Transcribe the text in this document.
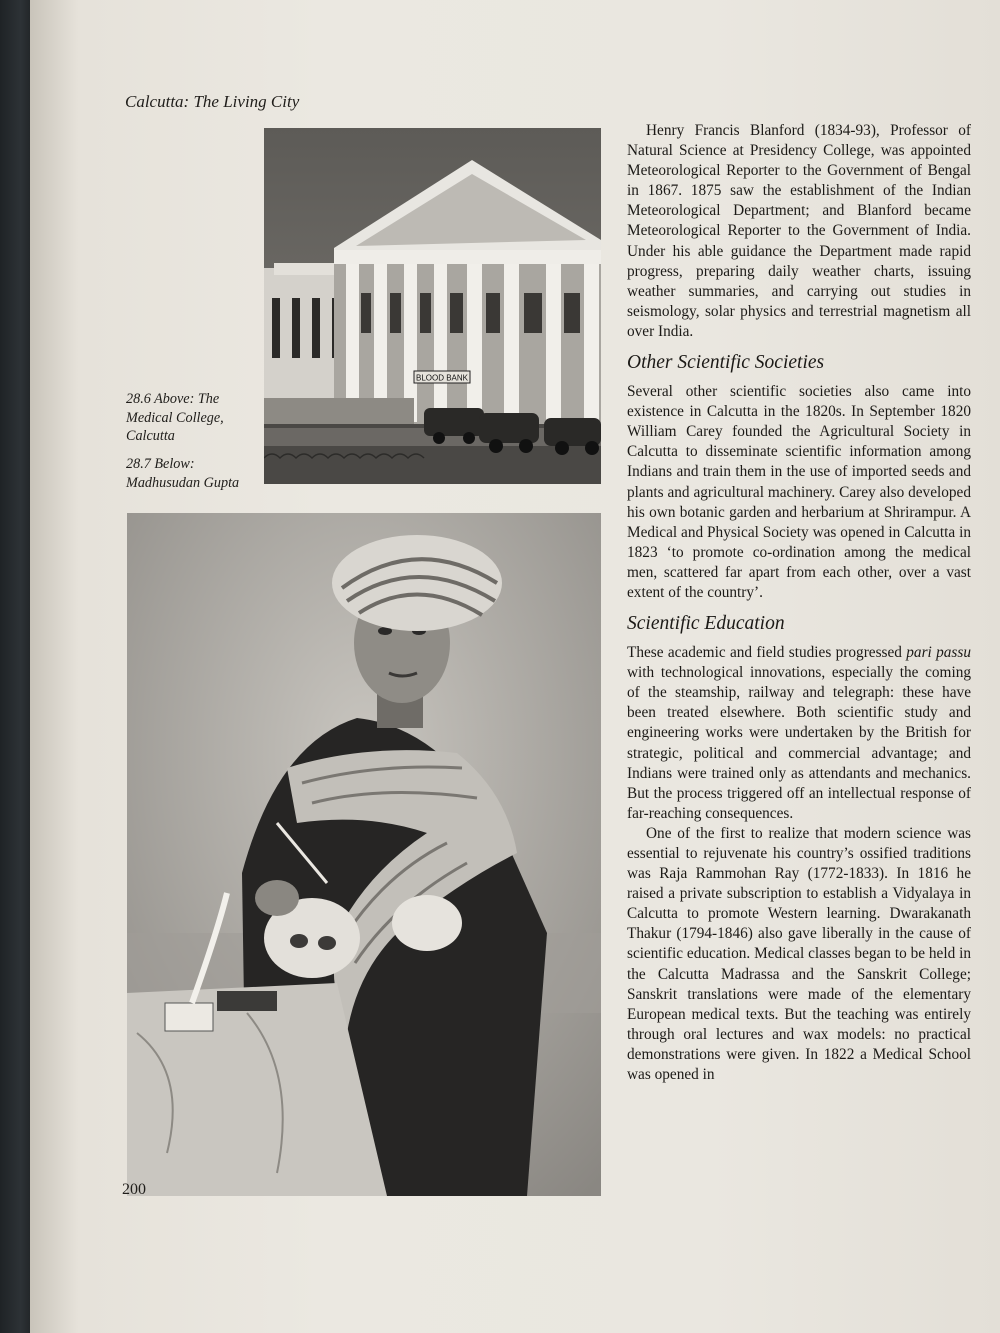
Calcutta: The Living City

BLOOD BANK

28.6 Above: The Medical College, Calcutta

28.7 Below: Madhusudan Gupta

200

Henry Francis Blanford (1834-93), Professor of Natural Science at Presidency College, was appointed Meteorological Reporter to the Government of Bengal in 1867. 1875 saw the establishment of the Indian Meteorological Department; and Blanford became Meteorological Reporter to the Government of India. Under his able guidance the Department made rapid progress, preparing daily weather charts, issuing weather summaries, and carrying out studies in seismology, solar physics and terrestrial magnetism all over India.

Other Scientific Societies

Several other scientific societies also came into existence in Calcutta in the 1820s. In September 1820 William Carey founded the Agricultural Society in Calcutta to disseminate scientific information among Indians and train them in the use of imported seeds and plants and agricultural machinery. Carey also developed his own botanic garden and herbarium at Shrirampur. A Medical and Physical Society was opened in Calcutta in 1823 ‘to promote co-ordination among the medical men, scattered far apart from each other, over a vast extent of the country’.

Scientific Education

These academic and field studies progressed pari passu with technological innovations, especially the coming of the steamship, railway and telegraph: these have been treated elsewhere. Both scientific study and engineering works were undertaken by the British for strategic, political and commercial advantage; and Indians were trained only as attendants and mechanics. But the process triggered off an intellectual response of far-reaching consequences.

One of the first to realize that modern science was essential to rejuvenate his country’s ossified traditions was Raja Rammohan Ray (1772-1833). In 1816 he raised a private subscription to establish a Vidyalaya in Calcutta to promote Western learning. Dwarakanath Thakur (1794-1846) also gave liberally in the cause of scientific education. Medical classes began to be held in the Calcutta Madrassa and the Sanskrit College; Sanskrit translations were made of the elementary European medical texts. But the teaching was entirely through oral lectures and wax models: no practical demonstrations were given. In 1822 a Medical School was opened in
